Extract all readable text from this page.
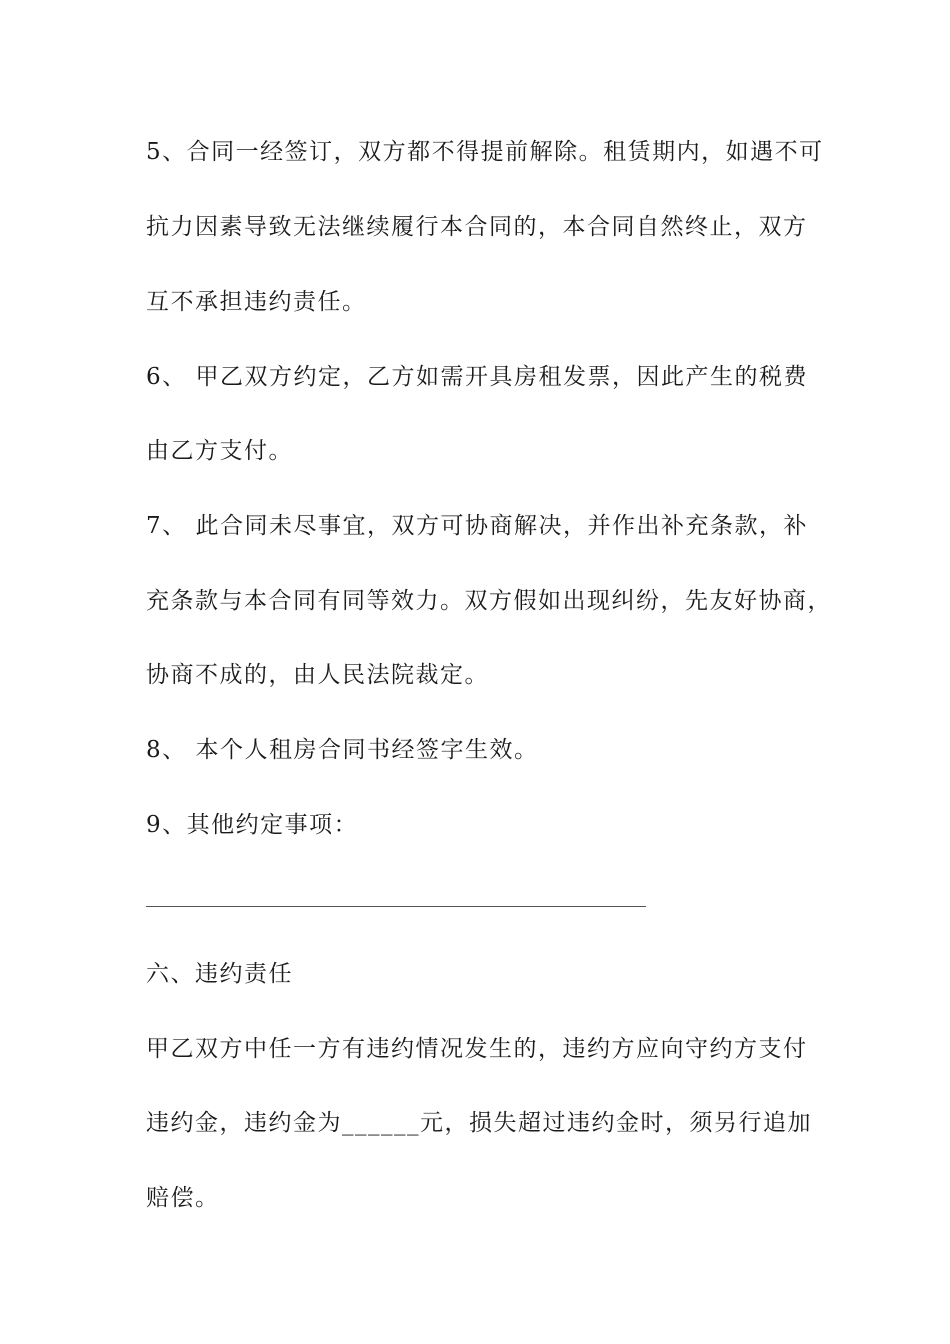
5、合同一经签订，双方都不得提前解除。租赁期内，如遇不可
抗力因素导致无法继续履行本合同的，本合同自然终止，双方
互不承担违约责任。
6、 甲乙双方约定，乙方如需开具房租发票，因此产生的税费
由乙方支付。
7、 此合同未尽事宜，双方可协商解决，并作出补充条款，补
充条款与本合同有同等效力。双方假如出现纠纷，先友好协商，
协商不成的，由人民法院裁定。
8、 本个人租房合同书经签字生效。
9、其他约定事项：
六、违约责任
甲乙双方中任一方有违约情况发生的，违约方应向守约方支付
违约金，违约金为______元，损失超过违约金时，须另行追加
赔偿。
